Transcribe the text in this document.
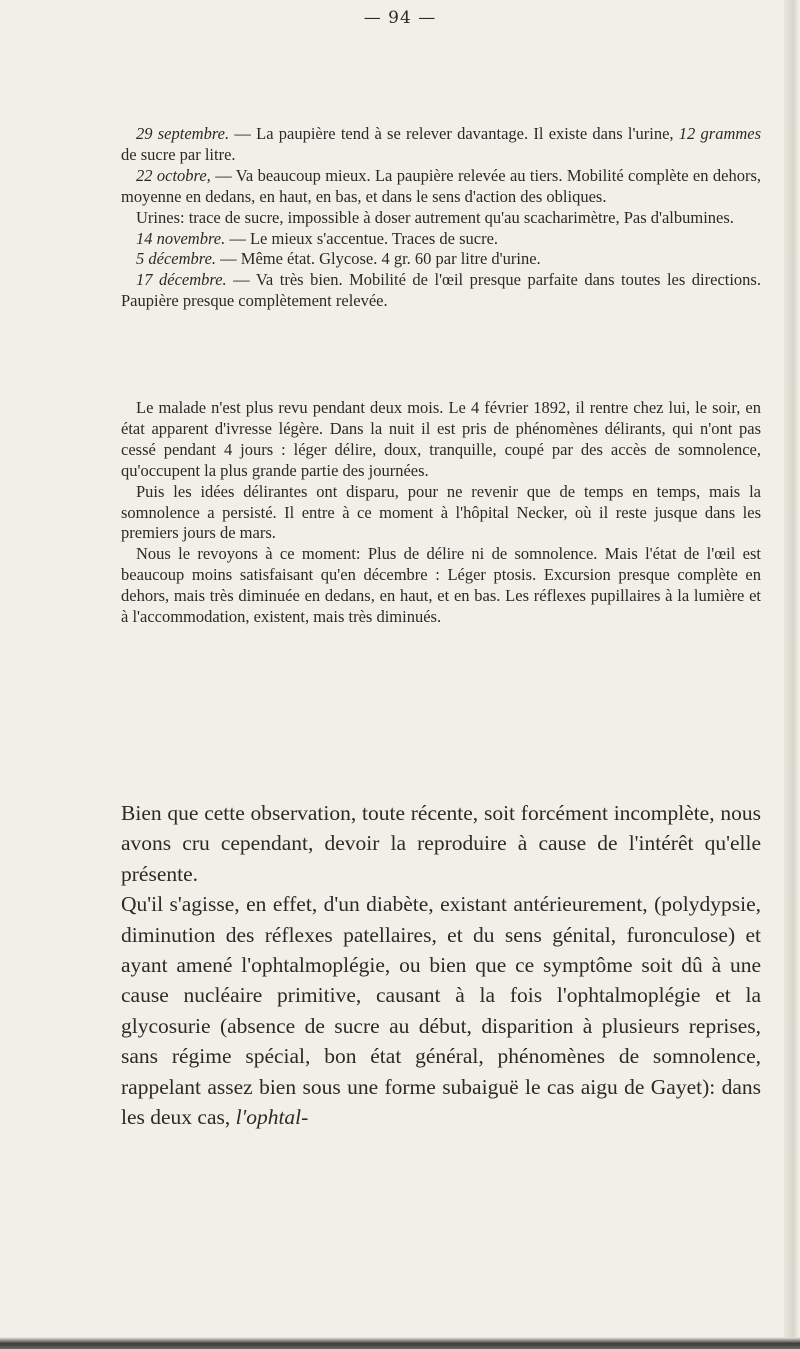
— 94 —

29 septembre. — La paupière tend à se relever davantage. Il existe dans l'urine, 12 grammes de sucre par litre.

22 octobre, — Va beaucoup mieux. La paupière relevée au tiers. Mobilité complète en dehors, moyenne en dedans, en haut, en bas, et dans le sens d'action des obliques.

Urines: trace de sucre, impossible à doser autrement qu'au scacharimètre, Pas d'albumines.

14 novembre. — Le mieux s'accentue. Traces de sucre.

5 décembre. — Même état. Glycose. 4 gr. 60 par litre d'urine.

17 décembre. — Va très bien. Mobilité de l'œil presque parfaite dans toutes les directions. Paupière presque complètement relevée.

Le malade n'est plus revu pendant deux mois. Le 4 février 1892, il rentre chez lui, le soir, en état apparent d'ivresse légère. Dans la nuit il est pris de phénomènes délirants, qui n'ont pas cessé pendant 4 jours : léger délire, doux, tranquille, coupé par des accès de somnolence, qu'occupent la plus grande partie des journées.

Puis les idées délirantes ont disparu, pour ne revenir que de temps en temps, mais la somnolence a persisté. Il entre à ce moment à l'hôpital Necker, où il reste jusque dans les premiers jours de mars.

Nous le revoyons à ce moment: Plus de délire ni de somnolence. Mais l'état de l'œil est beaucoup moins satisfaisant qu'en décembre : Léger ptosis. Excursion presque complète en dehors, mais très diminuée en dedans, en haut, et en bas. Les réflexes pupillaires à la lumière et à l'accommodation, existent, mais très diminués.

Bien que cette observation, toute récente, soit forcément incomplète, nous avons cru cependant, devoir la reproduire à cause de l'intérêt qu'elle présente.

Qu'il s'agisse, en effet, d'un diabète, existant antérieurement, (polydypsie, diminution des réflexes patellaires, et du sens génital, furonculose) et ayant amené l'ophtalmoplégie, ou bien que ce symptôme soit dû à une cause nucléaire primitive, causant à la fois l'ophtalmoplégie et la glycosurie (absence de sucre au début, disparition à plusieurs reprises, sans régime spécial, bon état général, phénomènes de somnolence, rappelant assez bien sous une forme subaiguë le cas aigu de Gayet): dans les deux cas, l'ophtal-
